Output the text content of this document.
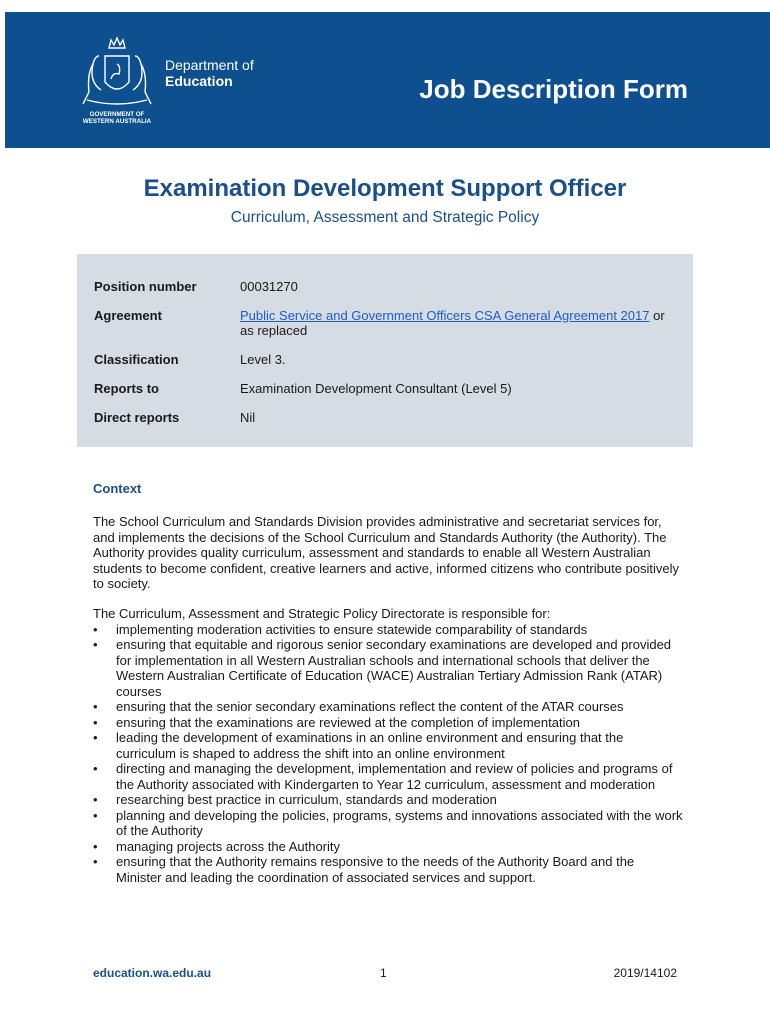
GOVERNMENT OF
WESTERN AUSTRALIA
Department of
Education	Job Description Form
Examination Development Support Officer
Curriculum, Assessment and Strategic Policy
Position number	00031270
Agreement	Public Service and Government Officers CSA General Agreement 2017 or as replaced
Classification	Level 3.
Reports to	Examination Development Consultant (Level 5)
Direct reports	Nil
Context
The School Curriculum and Standards Division provides administrative and secretariat services for, and implements the decisions of the School Curriculum and Standards Authority (the Authority). The Authority provides quality curriculum, assessment and standards to enable all Western Australian students to become confident, creative learners and active, informed citizens who contribute positively to society.
The Curriculum, Assessment and Strategic Policy Directorate is responsible for:
• implementing moderation activities to ensure statewide comparability of standards
• ensuring that equitable and rigorous senior secondary examinations are developed and provided for implementation in all Western Australian schools and international schools that deliver the Western Australian Certificate of Education (WACE) Australian Tertiary Admission Rank (ATAR) courses
• ensuring that the senior secondary examinations reflect the content of the ATAR courses
• ensuring that the examinations are reviewed at the completion of implementation
• leading the development of examinations in an online environment and ensuring that the curriculum is shaped to address the shift into an online environment
• directing and managing the development, implementation and review of policies and programs of the Authority associated with Kindergarten to Year 12 curriculum, assessment and moderation
• researching best practice in curriculum, standards and moderation
• planning and developing the policies, programs, systems and innovations associated with the work of the Authority
• managing projects across the Authority
• ensuring that the Authority remains responsive to the needs of the Authority Board and the Minister and leading the coordination of associated services and support.
education.wa.edu.au	1	2019/14102
